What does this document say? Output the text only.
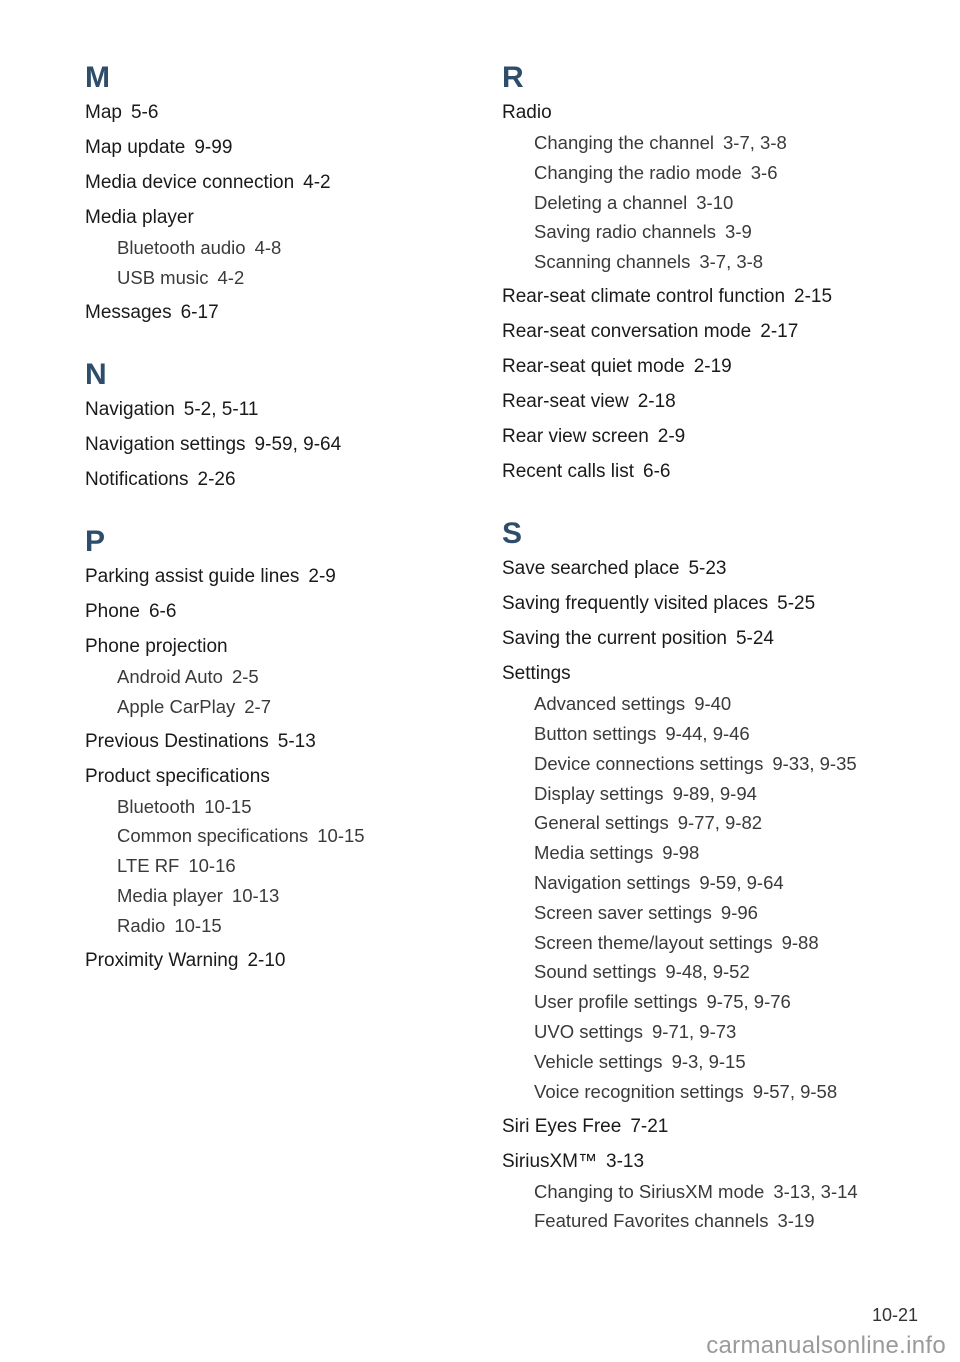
M
Map 5-6
Map update 9-99
Media device connection 4-2
Media player
Bluetooth audio 4-8
USB music 4-2
Messages 6-17
N
Navigation 5-2, 5-11
Navigation settings 9-59, 9-64
Notifications 2-26
P
Parking assist guide lines 2-9
Phone 6-6
Phone projection
Android Auto 2-5
Apple CarPlay 2-7
Previous Destinations 5-13
Product specifications
Bluetooth 10-15
Common specifications 10-15
LTE RF 10-16
Media player 10-13
Radio 10-15
Proximity Warning 2-10
R
Radio
Changing the channel 3-7, 3-8
Changing the radio mode 3-6
Deleting a channel 3-10
Saving radio channels 3-9
Scanning channels 3-7, 3-8
Rear-seat climate control function 2-15
Rear-seat conversation mode 2-17
Rear-seat quiet mode 2-19
Rear-seat view 2-18
Rear view screen 2-9
Recent calls list 6-6
S
Save searched place 5-23
Saving frequently visited places 5-25
Saving the current position 5-24
Settings
Advanced settings 9-40
Button settings 9-44, 9-46
Device connections settings 9-33, 9-35
Display settings 9-89, 9-94
General settings 9-77, 9-82
Media settings 9-98
Navigation settings 9-59, 9-64
Screen saver settings 9-96
Screen theme/layout settings 9-88
Sound settings 9-48, 9-52
User profile settings 9-75, 9-76
UVO settings 9-71, 9-73
Vehicle settings 9-3, 9-15
Voice recognition settings 9-57, 9-58
Siri Eyes Free 7-21
SiriusXM™ 3-13
Changing to SiriusXM mode 3-13, 3-14
Featured Favorites channels 3-19
10-21
carmanualsonline.info
